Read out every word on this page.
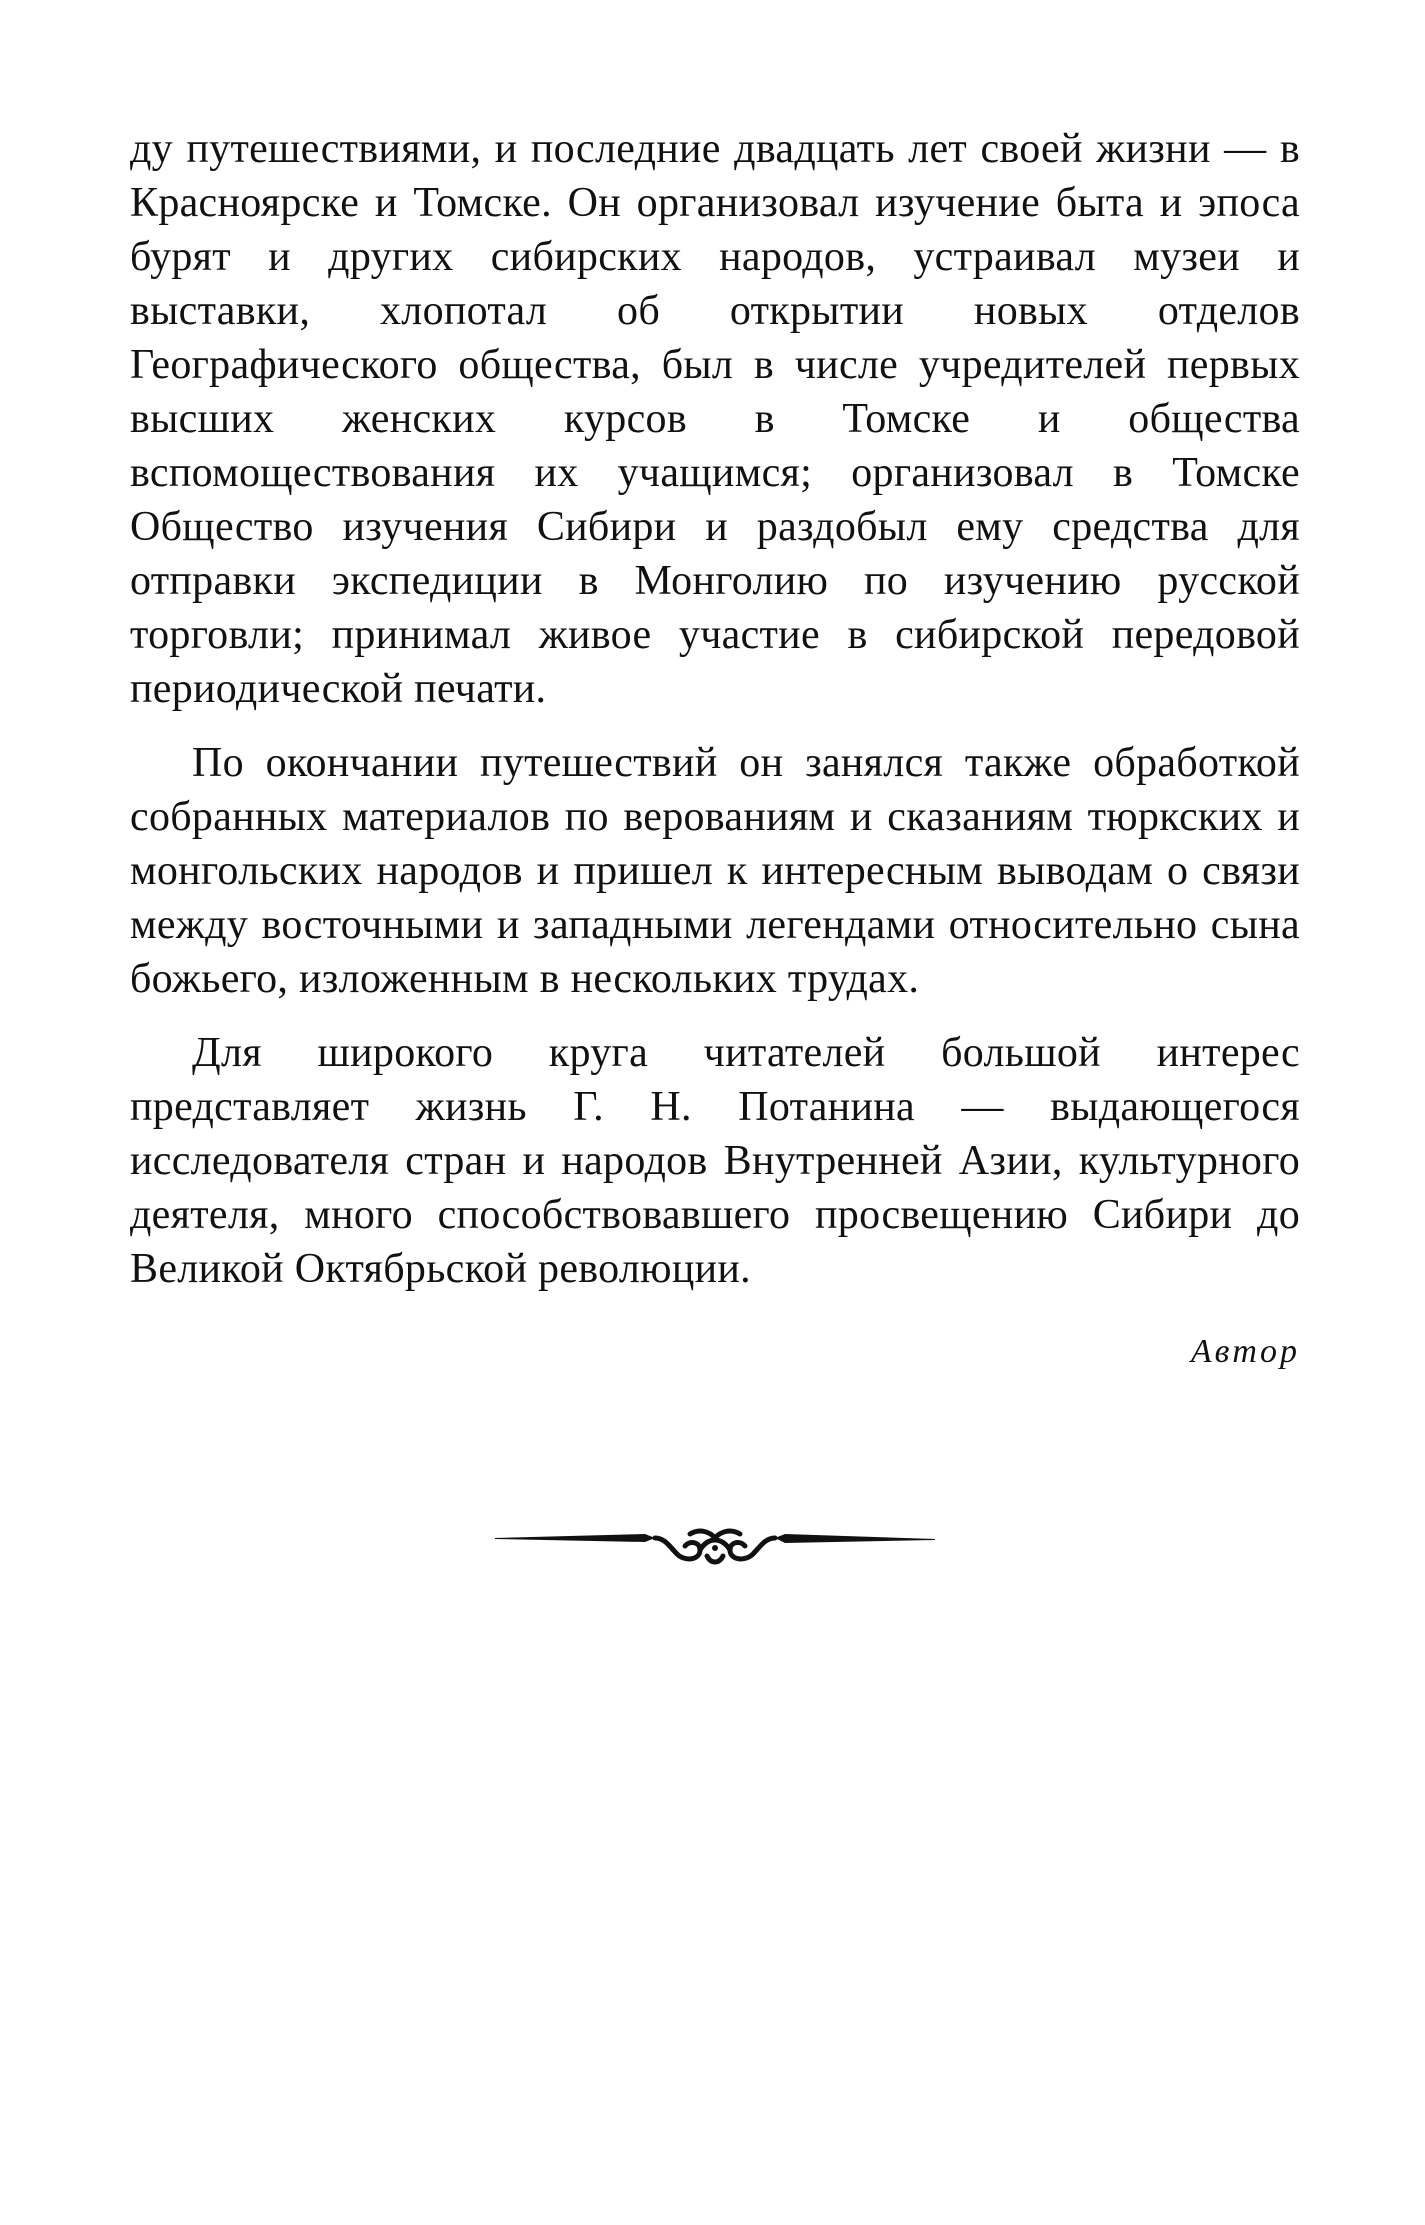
ду путешествиями, и последние двадцать лет своей жизни — в Красноярске и Томске. Он организовал изучение быта и эпоса бурят и других сибирских народов, устраивал музеи и выставки, хлопотал об открытии новых отделов Географического общества, был в числе учредителей первых высших женских курсов в Томске и общества вспомоществования их учащимся; организовал в Томске Общество изучения Сибири и раздобыл ему средства для отправки экспедиции в Монголию по изучению русской торговли; принимал живое участие в сибирской передовой периодической печати.

По окончании путешествий он занялся также обработкой собранных материалов по верованиям и сказаниям тюркских и монгольских народов и пришел к интересным выводам о связи между восточными и западными легендами относительно сына божьего, изложенным в нескольких трудах.

Для широкого круга читателей большой интерес представляет жизнь Г. Н. Потанина — выдающегося исследователя стран и народов Внутренней Азии, культурного деятеля, много способствовавшего просвещению Сибири до Великой Октябрьской революции.

Автор
